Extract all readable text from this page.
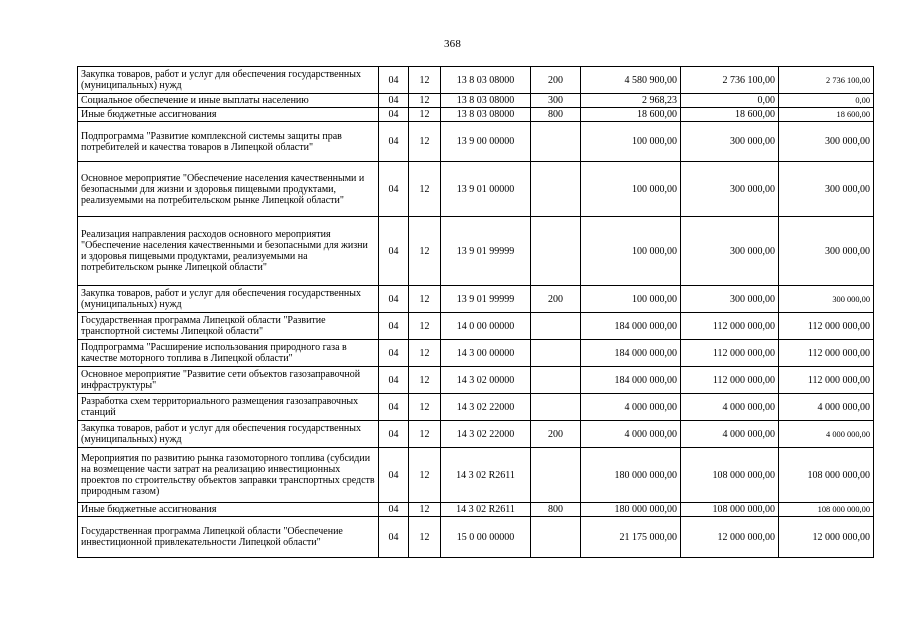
368
Закупка товаров, работ и услуг для обеспечения государственных (муниципальных) нужд	04	12	13 8 03 08000	200	4 580 900,00	2 736 100,00	2 736 100,00
Социальное обеспечение и иные выплаты населению	04	12	13 8 03 08000	300	2 968,23	0,00	0,00
Иные бюджетные ассигнования	04	12	13 8 03 08000	800	18 600,00	18 600,00	18 600,00
Подпрограмма "Развитие комплексной системы защиты прав потребителей и качества товаров в Липецкой области"	04	12	13 9 00 00000		100 000,00	300 000,00	300 000,00
Основное мероприятие "Обеспечение населения качественными и безопасными для жизни и здоровья пищевыми продуктами, реализуемыми на потребительском рынке Липецкой области"	04	12	13 9 01 00000		100 000,00	300 000,00	300 000,00
Реализация направления расходов основного мероприятия "Обеспечение населения качественными и безопасными для жизни и здоровья пищевыми продуктами, реализуемыми на потребительском рынке Липецкой области"	04	12	13 9 01 99999		100 000,00	300 000,00	300 000,00
Закупка товаров, работ и услуг для обеспечения государственных (муниципальных) нужд	04	12	13 9 01 99999	200	100 000,00	300 000,00	300 000,00
Государственная программа Липецкой области "Развитие транспортной системы Липецкой области"	04	12	14 0 00 00000		184 000 000,00	112 000 000,00	112 000 000,00
Подпрограмма "Расширение использования природного газа в качестве моторного топлива в Липецкой области"	04	12	14 3 00 00000		184 000 000,00	112 000 000,00	112 000 000,00
Основное мероприятие "Развитие сети объектов газозаправочной инфраструктуры"	04	12	14 3 02 00000		184 000 000,00	112 000 000,00	112 000 000,00
Разработка схем территориального размещения газозаправочных станций	04	12	14 3 02 22000		4 000 000,00	4 000 000,00	4 000 000,00
Закупка товаров, работ и услуг для обеспечения государственных (муниципальных) нужд	04	12	14 3 02 22000	200	4 000 000,00	4 000 000,00	4 000 000,00
Мероприятия по развитию рынка газомоторного топлива (субсидии на возмещение части затрат на реализацию инвестиционных проектов по строительству объектов заправки транспортных средств природным газом)	04	12	14 3 02 R2611		180 000 000,00	108 000 000,00	108 000 000,00
Иные бюджетные ассигнования	04	12	14 3 02 R2611	800	180 000 000,00	108 000 000,00	108 000 000,00
Государственная программа Липецкой области "Обеспечение инвестиционной привлекательности Липецкой области"	04	12	15 0 00 00000		21 175 000,00	12 000 000,00	12 000 000,00
